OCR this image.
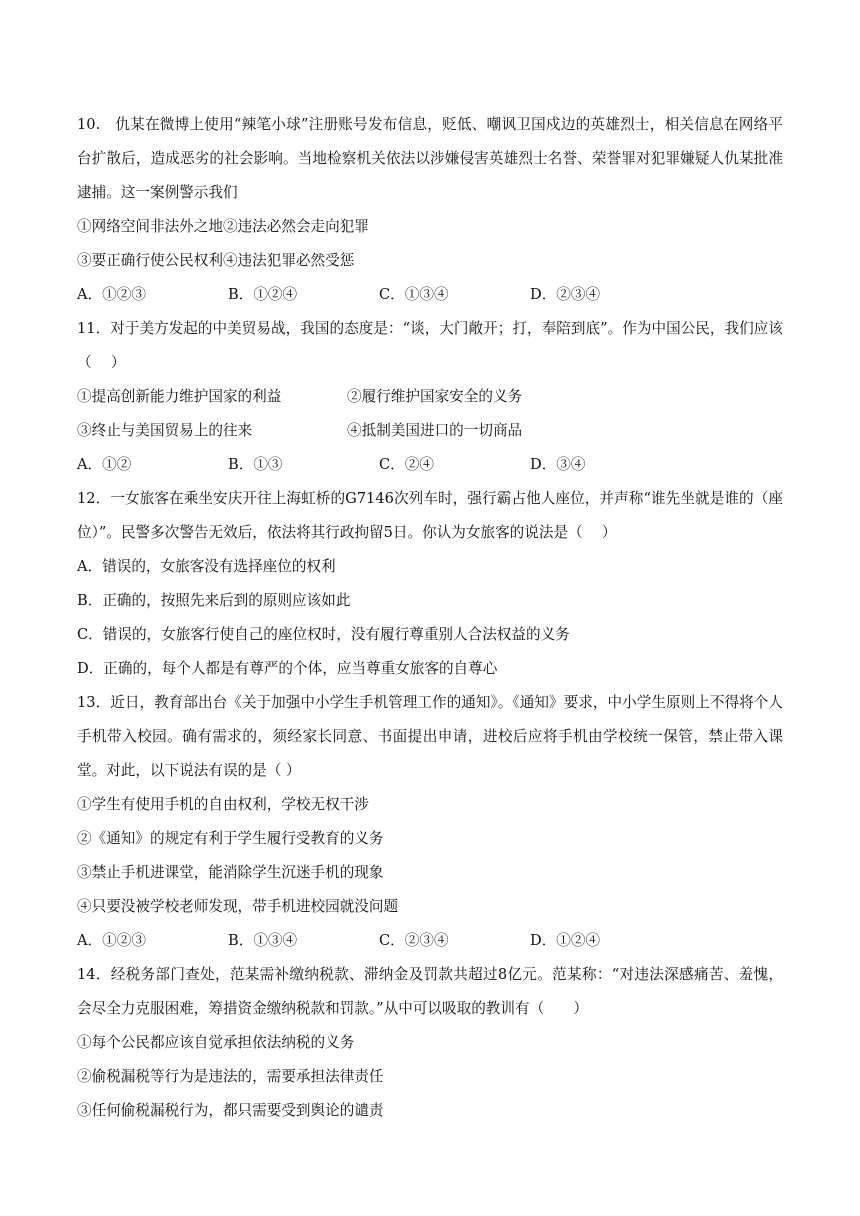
10.　仇某在微博上使用“辣笔小球”注册账号发布信息，贬低、嘲讽卫国戍边的英雄烈士，相关信息在网络平台扩散后，造成恶劣的社会影响。当地检察机关依法以涉嫌侵害英雄烈士名誉、荣誉罪对犯罪嫌疑人仇某批准逮捕。这一案例警示我们

①网络空间非法外之地②违法必然会走向犯罪

③要正确行使公民权利④违法犯罪必然受惩

A．①②③	B．①②④	C．①③④	D．②③④

11．对于美方发起的中美贸易战，我国的态度是：“谈，大门敞开；打，奉陪到底”。作为中国公民，我们应该 （　 ）

①提高创新能力维护国家的利益	②履行维护国家安全的义务
③终止与美国贸易上的往来	④抵制美国进口的一切商品
A．①②	B．①③	C．②④	D．③④

12．一女旅客在乘坐安庆开往上海虹桥的G7146次列车时，强行霸占他人座位，并声称“谁先坐就是谁的（座位）”。民警多次警告无效后，依法将其行政拘留5日。你认为女旅客的说法是（　 ）

A．错误的，女旅客没有选择座位的权利

B．正确的，按照先来后到的原则应该如此

C．错误的，女旅客行使自己的座位权时，没有履行尊重别人合法权益的义务

D．正确的，每个人都是有尊严的个体，应当尊重女旅客的自尊心

13．近日，教育部出台《关于加强中小学生手机管理工作的通知》。《通知》要求，中小学生原则上不得将个人手机带入校园。确有需求的，须经家长同意、书面提出申请，进校后应将手机由学校统一保管，禁止带入课堂。对此，以下说法有误的是（ ）

①学生有使用手机的自由权利，学校无权干涉

②《通知》的规定有利于学生履行受教育的义务

③禁止手机进课堂，能消除学生沉迷手机的现象

④只要没被学校老师发现，带手机进校园就没问题

A．①②③	B．①③④	C．②③④	D．①②④

14．经税务部门查处，范某需补缴纳税款、滞纳金及罚款共超过8亿元。范某称：“对违法深感痛苦、羞愧，会尽全力克服困难，筹措资金缴纳税款和罚款。”从中可以吸取的教训有（　　）

①每个公民都应该自觉承担依法纳税的义务

②偷税漏税等行为是违法的，需要承担法律责任

③任何偷税漏税行为，都只需要受到舆论的谴责
